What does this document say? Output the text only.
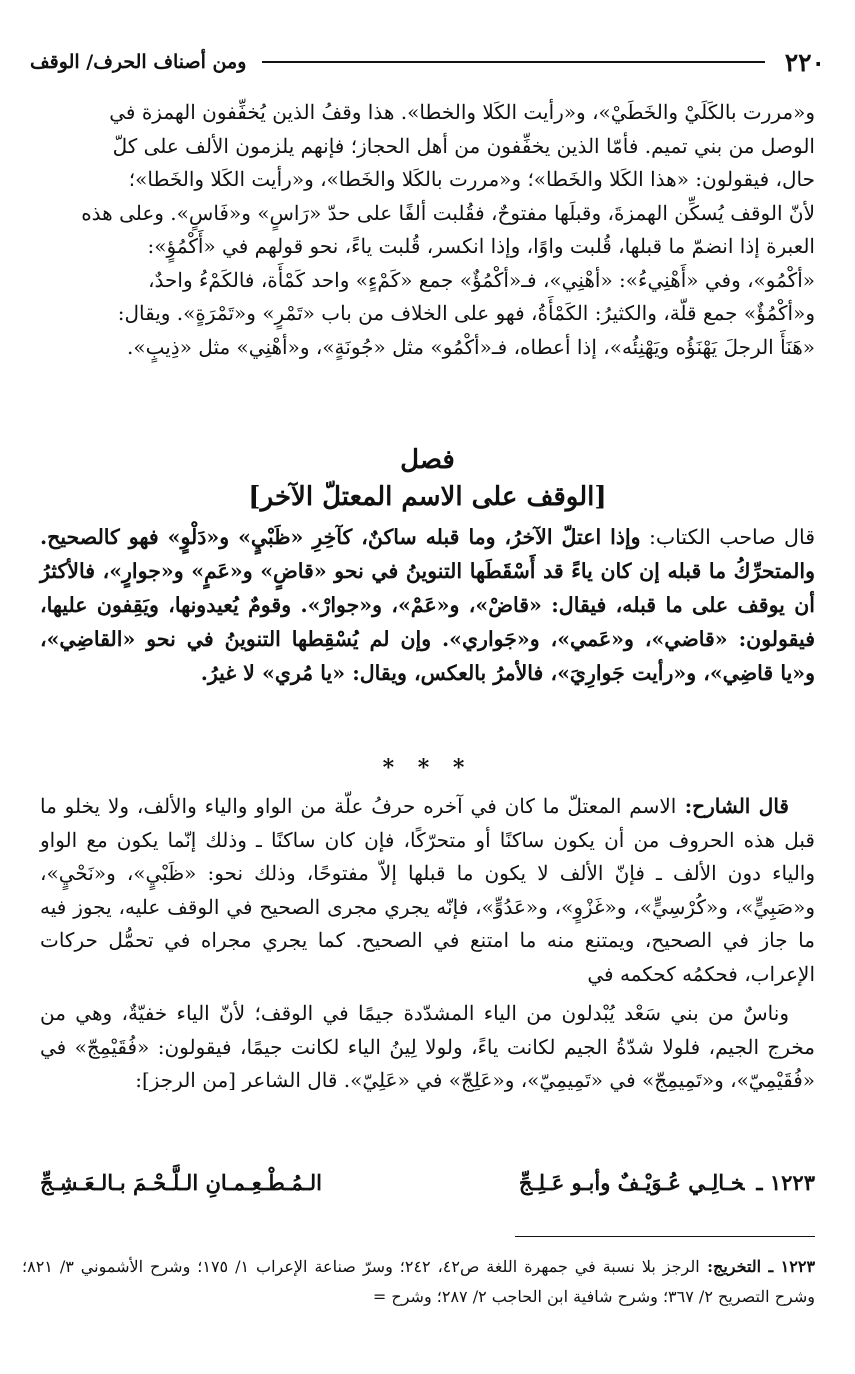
٢٢٠
ومن أصناف الحرف/ الوقف

و«مررت بالكَلَيْ والخَطَيْ»، و«رأيت الكَلا والخطا». هذا وقفُ الذين يُخفِّفون الهمزة في

الوصل من بني تميم. فأمّا الذين يخفِّفون من أهل الحجاز؛ فإنهم يلزمون الألف على كلّ

حال، فيقولون: «هذا الكَلا والخَطا»؛ و«مررت بالكَلا والخَطا»، و«رأيت الكَلا والخَطا»؛

لأنّ الوقف يُسكِّن الهمزةَ، وقبلَها مفتوحٌ، فقُلبت ألفًا على حدّ «رَاسٍ» و«فَاسٍ». وعلى هذه

العبرة إذا انضمّ ما قبلها، قُلبت واوًا، وإذا انكسر، قُلبت ياءً، نحو قولهم في «أَكْمُؤٍ»:

«أكْمُو»، وفي «أَهْنِيءُ»: «أهْنِي»، فـ«أكْمُؤٌ» جمع «كَمْءٍ» واحد كَمْأَة، فالكَمْءُ واحدٌ،

و«أكْمُؤٌ» جمع قلّة، والكثيرُ: الكَمْأَةُ، فهو على الخلاف من باب «تَمْرٍ» و«تَمْرَةٍ». ويقال:

«هَنَأَ الرجلَ يَهْنَؤُه ويَهْنِئُه»، إذا أعطاه، فـ«أكْمُو» مثل «جُونَةٍ»، و«أهْنِي» مثل «ذِيبٍ».

فصل
[الوقف على الاسم المعتلّ الآخر]

قال صاحب الكتاب: وإذا اعتلّ الآخرُ، وما قبله ساكنٌ، كآخِرِ «ظَبْيٍ» و«دَلْوٍ» فهو كالصحيح. والمتحرِّكُ ما قبله إن كان ياءً قد أَسْقَطَها التنوينُ في نحو «قاضٍ» و«عَمٍ» و«جوارٍ»، فالأكثرُ أن يوقف على ما قبله، فيقال: «قاضْ»، و«عَمْ»، و«جوارْ». وقومٌ يُعيدونها، ويَقِفون عليها، فيقولون: «قاضي»، و«عَمي»، و«جَواري». وإن لم يُسْقِطها التنوينُ في نحو «القاضِي»، و«يا قاضِي»، و«رأيت جَوارِيَ»، فالأمرُ بالعكس، ويقال: «يا مُري» لا غيرُ.

* * *

قال الشارح: الاسم المعتلّ ما كان في آخره حرفُ علّة من الواو والياء والألف، ولا يخلو ما قبل هذه الحروف من أن يكون ساكنًا أو متحرّكًا، فإن كان ساكنًا ـ وذلك إنّما يكون مع الواو والياء دون الألف ـ فإنّ الألف لا يكون ما قبلها إلاّ مفتوحًا، وذلك نحو: «ظَبْيٍ»، و«نَحْيٍ»، و«صَبِيٍّ»، و«كُرْسِيٍّ»، و«غَزْوٍ»، و«عَدُوٍّ»، فإنّه يجري مجرى الصحيح في الوقف عليه، يجوز فيه ما جاز في الصحيح، ويمتنع منه ما امتنع في الصحيح. كما يجري مجراه في تحمُّل حركات الإعراب، فحكمُه كحكمه في

وناسٌ من بني سَعْد يُبْدلون من الياء المشدّدة جيمًا في الوقف؛ لأنّ الياء خفيّةٌ، وهي من مخرج الجيم، فلولا شدّةُ الجيم لكانت ياءً، ولولا لِينُ الياء لكانت جيمًا، فيقولون: «فُقَيْمِجّ» في «فُقَيْمِيّ»، و«تَمِيمِجّ» في «تَمِيمِيّ»، و«عَلِجّ» في «عَلِيّ». قال الشاعر [من الرجز]:

١٢٢٣ ـخـالِـي عُـوَيْـفٌ وأبـو عَـلِـجِّ
الـمُـطْـعِـمـانِ الـلَّـحْـمَ بـالـعَـشِـجِّ
١٢٢٣ ـ التخريج: الرجز بلا نسبة في جمهرة اللغة ص٤٢، ٢٤٢؛ وسرّ صناعة الإعراب ١/ ١٧٥؛ وشرح الأشموني ٣/ ٨٢١؛ وشرح التصريح ٢/ ٣٦٧؛ وشرح شافية ابن الحاجب ٢/ ٢٨٧؛ وشرح =
